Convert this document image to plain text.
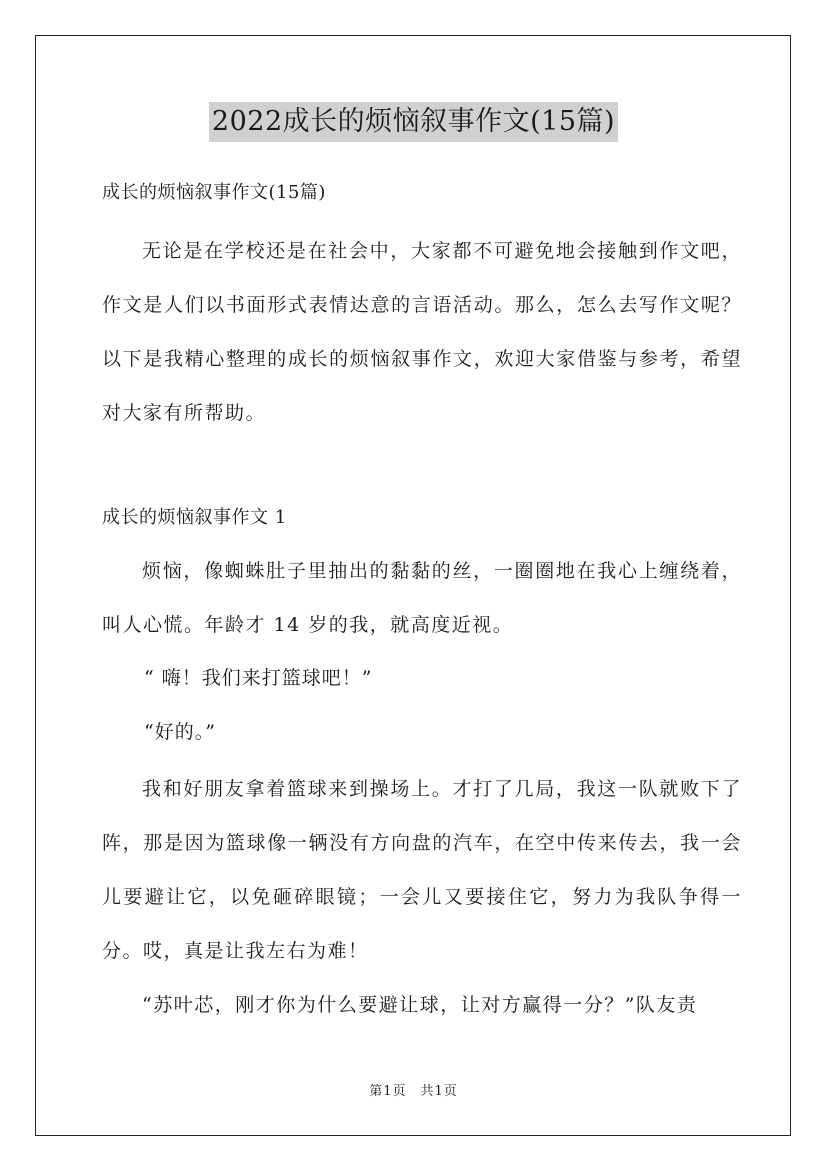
2022成长的烦恼叙事作文(15篇)
成长的烦恼叙事作文(15篇)
无论是在学校还是在社会中，大家都不可避免地会接触到作文吧，作文是人们以书面形式表情达意的言语活动。那么，怎么去写作文呢？以下是我精心整理的成长的烦恼叙事作文，欢迎大家借鉴与参考，希望对大家有所帮助。
成长的烦恼叙事作文 1
烦恼，像蜘蛛肚子里抽出的黏黏的丝，一圈圈地在我心上缠绕着，叫人心慌。年龄才 14 岁的我，就高度近视。
“ 嗨！我们来打篮球吧！”
“好的。”
我和好朋友拿着篮球来到操场上。才打了几局，我这一队就败下了阵，那是因为篮球像一辆没有方向盘的汽车，在空中传来传去，我一会儿要避让它，以免砸碎眼镜；一会儿又要接住它，努力为我队争得一分。哎，真是让我左右为难！
“苏叶芯，刚才你为什么要避让球，让对方赢得一分？”队友责
第1页　共1页
